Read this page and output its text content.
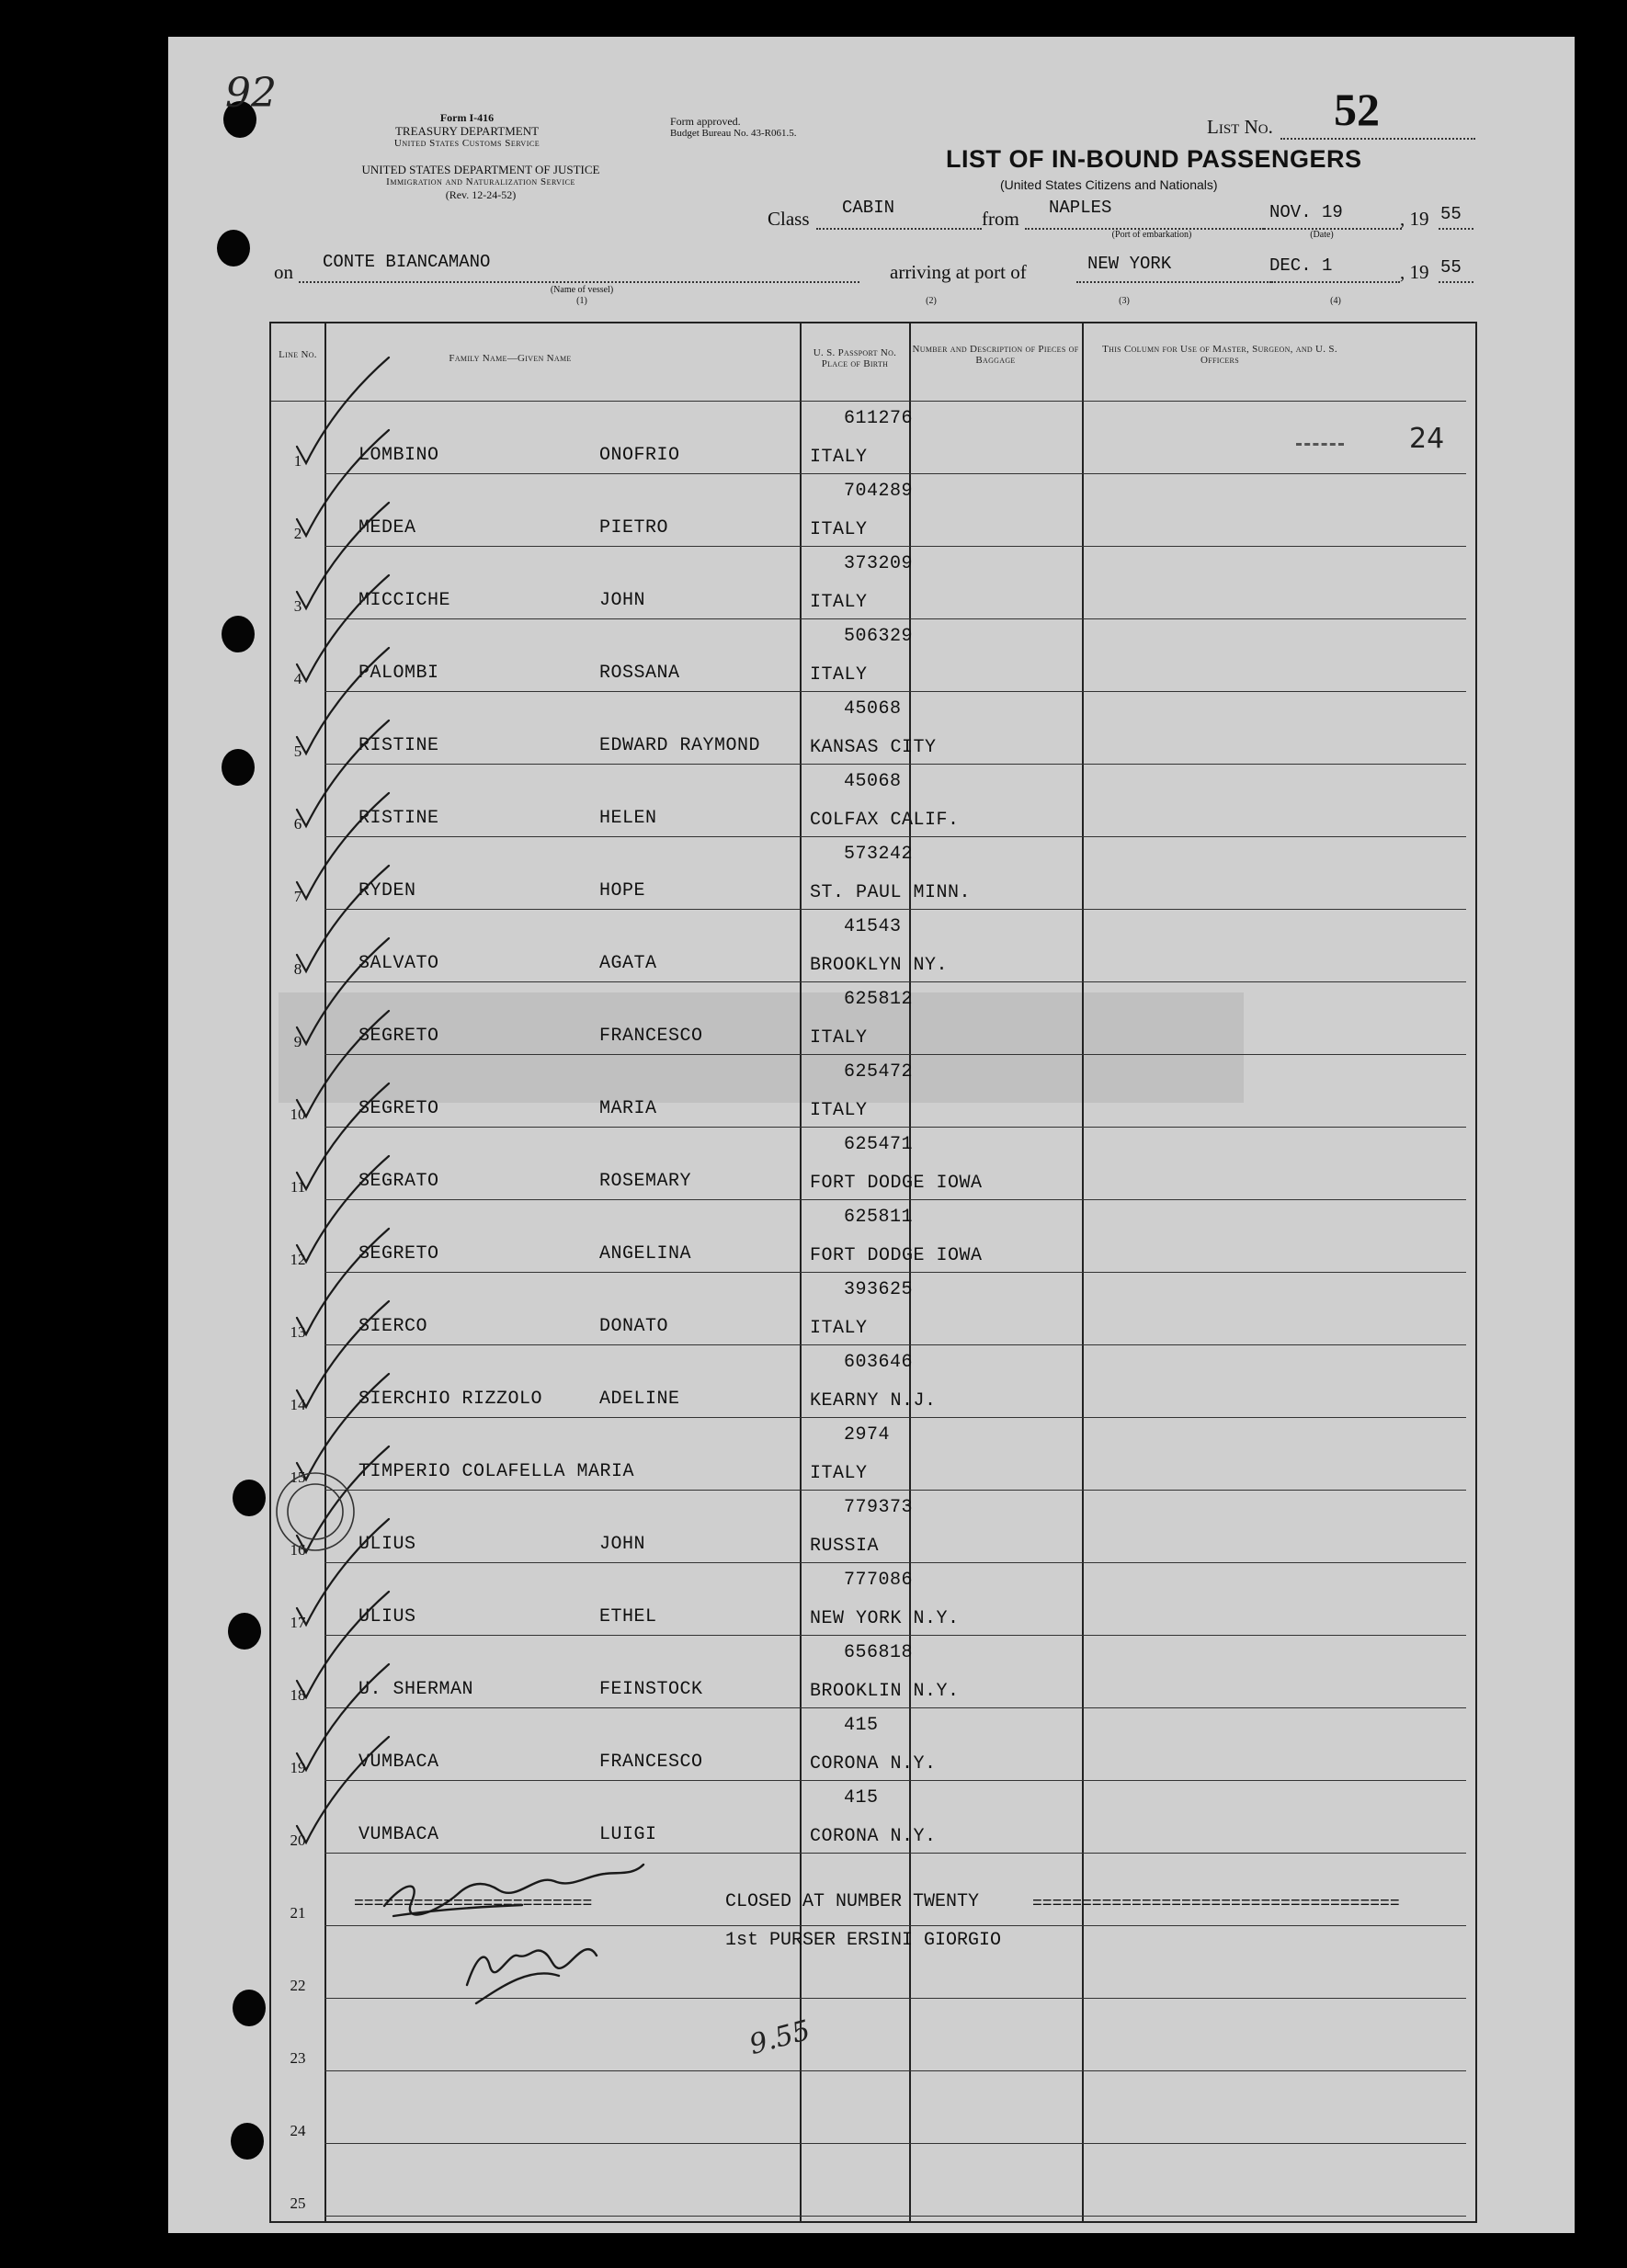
92
Form I-416
TREASURY DEPARTMENT
United States Customs Service
UNITED STATES DEPARTMENT OF JUSTICE
Immigration and Naturalization Service
(Rev. 12-24-52)
Form approved.
Budget Bureau No. 43-R061.5.	List No. 52
LIST OF IN-BOUND PASSENGERS
(United States Citizens and Nationals)
Class CABIN	from NAPLES
(Port of embarkation)
NOV. 19
(Date)
, 19 55
on CONTE BIANCAMANO
(Name of vessel)
(1)
arriving at port of	NEW YORK
(2)	(3)
DEC. 1
(4)
, 19 55
Line No.	Family Name—Given Name	U. S. Passport No. Place of Birth
Number and Description of Pieces of Baggage
This Column for Use of Master, Surgeon, and U. S. Officers
24
1	LOMBINO	ONOFRIO
611276
ITALY
2	MEDEA	PIETRO
704289
ITALY
3	MICCICHE	JOHN
373209
ITALY
4	PALOMBI	ROSSANA
506329
ITALY
5	RISTINE	EDWARD RAYMOND
45068
KANSAS CITY
6	RISTINE	HELEN
45068
COLFAX CALIF.
7	RYDEN	HOPE
573242
ST. PAUL MINN.
8	SALVATO	AGATA
41543
BROOKLYN NY.
9	SEGRETO	FRANCESCO
625812
ITALY
10	SEGRETO	MARIA
625472
ITALY
11	SEGRATO	ROSEMARY
625471
FORT DODGE IOWA
12	SEGRETO	ANGELINA
625811
FORT DODGE IOWA
13	SIERCO	DONATO
393625
ITALY
14	SIERCHIO RIZZOLO	ADELINE
603646
KEARNY N.J.
15	TIMPERIO COLAFELLA MARIA
2974
ITALY
16	ULIUS	JOHN
779373
RUSSIA
17	ULIUS	ETHEL
777086
NEW YORK N.Y.
18	U. SHERMAN	FEINSTOCK
656818
BROOKLIN N.Y.
19	VUMBACA	FRANCESCO
415
CORONA N.Y.
20	VUMBACA	LUIGI
415
CORONA N.Y.
21
22
23
24
25
========================	CLOSED AT NUMBER TWENTY	=====================================
1st PURSER ERSINI GIORGIO
9.55
